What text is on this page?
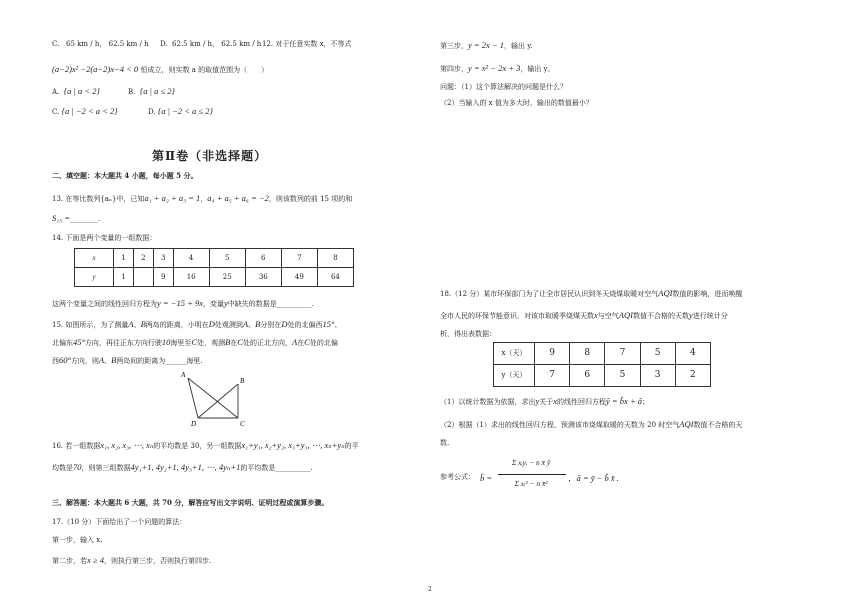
C. 65 km / h， 62.5 km / h D. 62.5 km / h， 62.5 km / h 12. 对于任意实数 x，不等式
(a−2)x² −2(a−2)x−4 < 0 恒成立，则实数 a 的取值范围为（　　）
A. {a | a < 2}	B. {a | a ≤ 2}
C. {a | −2 < a < 2}	D. {a | −2 < a ≤ 2}
第Ⅱ卷（非选择题）
二、填空题：本大题共 4 小题，每小题 5 分。
13. 在等比数列{aₙ}中，已知a₁ + a₂ + a₃ = 1，a₄ + a₅ + a₆ = −2，则该数列的前 15 项的和
S₁₅ =________.
14. 下面是两个变量的一组数据：
x	1	2	3	4	5	6	7	8
y	1		9	16	25	36	49	64
这两个变量之间的线性回归方程为y = −15 + 9x，变量y中缺失的数据是__________.
15. 如图所示，为了测量A、B两岛的距离，小明在D处观测到A、B分别在D处的北偏西15°、
北偏东45°方向，再往正东方向行驶10海里至C处，观测B在C处的正北方向，A在C处的北偏
西60°方向，则A、B两岛间的距离为______海里.
A
B
C
D
16. 若一组数据x₁, x₂, x₃, ⋯, xₙ的平均数是 30，另一组数据x₁+y₁, x₂+y₂, x₃+y₃, ⋯, xₙ+yₙ的平
均数是70，则第三组数据4y₁+1, 4y₂+1, 4y₃+1, ⋯, 4yₙ+1的平均数是__________.
三、解答题：本大题共 6 大题，共 70 分，解答应写出文字说明、证明过程或演算步骤。
17.（10 分）下面给出了一个问题的算法：
第一步，输入 x.
第二步，若x ≥ 4，则执行第三步，否则执行第四步.
第三步，y = 2x − 1，输出 y.
第四步，y = x² − 2x + 3，输出 y。
问题：（1）这个算法解决的问题是什么？
（2）当输入的 x 值为多大时，输出的数值最小？
18.（12 分）某市环保部门为了让全市居民认识到冬天烧煤取暖对空气AQI数值的影响，进而唤醒
全市人民的环保节能意识．对该市取暖季烧煤天数x与空气AQI数值不合格的天数y进行统计分
析，得出表数据：
x（天）	9	8	7	5	4
y（天）	7	6	5	3	2
（1）以统计数据为依据，求出y关于x的线性回归方程ŷ = b̂x + â；
（2）根据（1）求出的线性回归方程，预测该市烧煤取暖的天数为 20 时空气AQI数值不合格的天
数.
参考公式： b̂ =
Σ xᵢyᵢ − n x̄ ȳ
Σ xᵢ² − n x̄²
，â = ȳ − b̂ x̄ .
2
